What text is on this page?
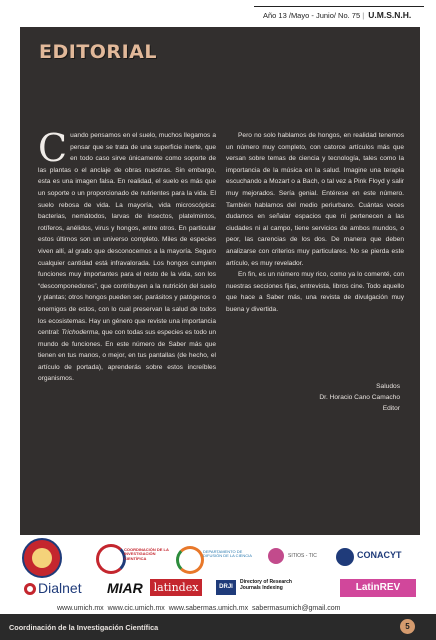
Año 13 /Mayo - Junio/ No. 75 | U.M.S.N.H.
EDITORIAL

Cuando pensamos en el suelo, muchos llegamos a pensar que se trata de una superficie inerte, que en todo caso sirve únicamente como soporte de las plantas o el anclaje de obras nuestras. Sin embargo, esta es una imagen falsa. En realidad, el suelo es más que un soporte o un proporcionado de nutrientes para la vida. El suelo rebosa de vida. La mayoría, vida microscópica: bacterias, nemátodos, larvas de insectos, platelmintos, rotíferos, anélidos, virus y hongos, entre otros. En particular estos últimos son un universo completo. Miles de especies viven allí, al grado que desconocemos a la mayoría. Seguro cualquier cantidad está infravalorada. Los hongos cumplen funciones muy importantes para el resto de la vida, son los “descomponedores”, que contribuyen a la nutrición del suelo y plantas; otros hongos pueden ser, parásitos y patógenos o enemigos de estos, con lo cual preservan la salud de todos los ecosistemas. Hay un género que reviste una importancia central: Trichoderma, que con todas sus especies es todo un mundo de funciones. En este número de Saber más que tienen en tus manos, o mejor, en tus pantallas (de hecho, el artículo de portada), aprenderás sobre estos increíbles organismos.

Pero no solo hablamos de hongos, en realidad tenemos un número muy completo, con catorce artículos más que versan sobre temas de ciencia y tecnología, tales como la importancia de la música en la salud. Imagine una terapia escuchando a Mozart o a Bach, o tal vez a Pink Floyd y salir muy mejorados. Sería genial. Entérese en este número. También hablamos del medio periurbano. Cuántas veces dudamos en señalar espacios que ni pertenecen a las ciudades ni al campo, tiene servicios de ambos mundos, o peor, las carencias de los dos. De manera que deben analizarse con criterios muy particulares. No se pierda este artículo, es muy revelador.

En fin, es un número muy rico, como ya lo comenté, con nuestras secciones fijas, entrevista, libros cine. Todo aquello que hace a Saber más, una revista de divulgación muy buena y divertida.

Saludos
Dr. Horacio Cano Camacho
Editor
COORDINACIÓN DE LA INVESTIGACIÓN CIENTÍFICA
DEPARTAMENTO DE DIFUSIÓN DE LA CIENCIA	SITIOS - TIC	CONACYT
Dialnet MIAR latindex	DRJI
Directory of Research Journals Indexing	LatinREV
www.umich.mx www.cic.umich.mx www.sabermas.umich.mx sabermasumich@gmail.com
Coordinación de la Investigación Científica	5
